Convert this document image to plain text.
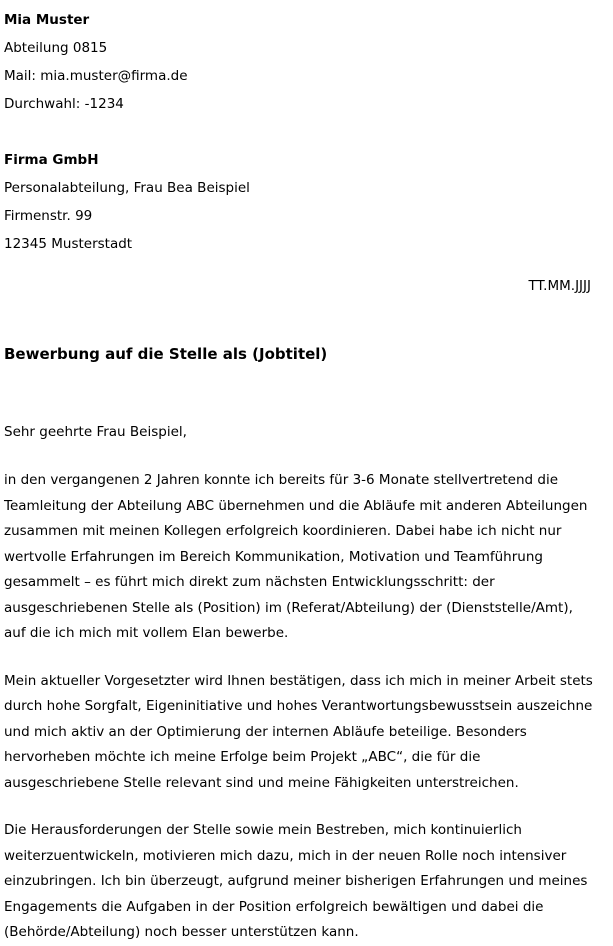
Mia Muster
Abteilung 0815
Mail: mia.muster@firma.de
Durchwahl: -1234
Firma GmbH
Personalabteilung, Frau Bea Beispiel
Firmenstr. 99
12345 Musterstadt
TT.MM.JJJJ
Bewerbung auf die Stelle als (Jobtitel)
Sehr geehrte Frau Beispiel,
in den vergangenen 2 Jahren konnte ich bereits für 3-6 Monate stellvertretend die Teamleitung der Abteilung ABC übernehmen und die Abläufe mit anderen Abteilungen zusammen mit meinen Kollegen erfolgreich koordinieren. Dabei habe ich nicht nur wertvolle Erfahrungen im Bereich Kommunikation, Motivation und Teamführung gesammelt – es führt mich direkt zum nächsten Entwicklungsschritt: der ausgeschriebenen Stelle als (Position) im (Referat/Abteilung) der (Dienststelle/Amt), auf die ich mich mit vollem Elan bewerbe.
Mein aktueller Vorgesetzter wird Ihnen bestätigen, dass ich mich in meiner Arbeit stets durch hohe Sorgfalt, Eigeninitiative und hohes Verantwortungsbewusstsein auszeichne und mich aktiv an der Optimierung der internen Abläufe beteilige. Besonders hervorheben möchte ich meine Erfolge beim Projekt „ABC“, die für die ausgeschriebene Stelle relevant sind und meine Fähigkeiten unterstreichen.
Die Herausforderungen der Stelle sowie mein Bestreben, mich kontinuierlich weiterzuentwickeln, motivieren mich dazu, mich in der neuen Rolle noch intensiver einzubringen. Ich bin überzeugt, aufgrund meiner bisherigen Erfahrungen und meines Engagements die Aufgaben in der Position erfolgreich bewältigen und dabei die (Behörde/Abteilung) noch besser unterstützen kann.
